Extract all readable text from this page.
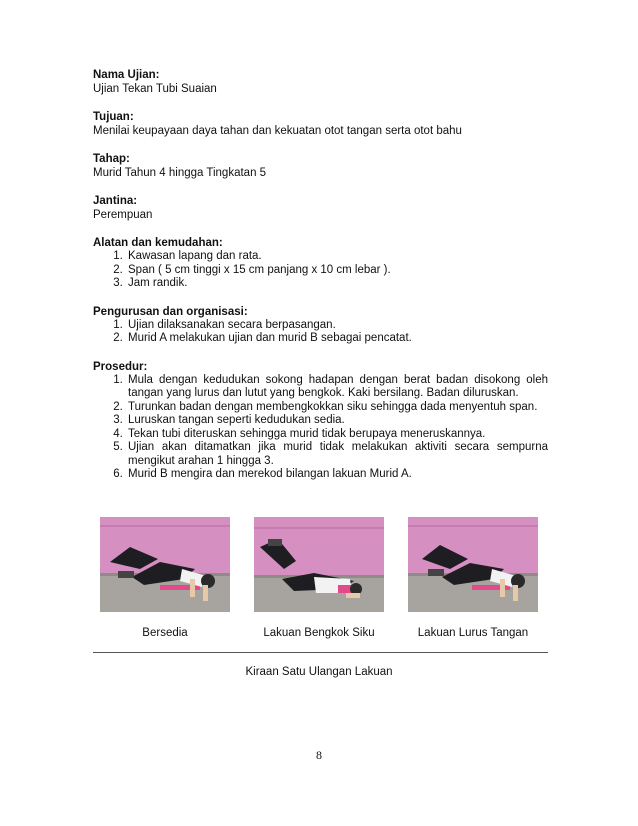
Nama Ujian:
Ujian Tekan Tubi Suaian
Tujuan:
Menilai keupayaan daya tahan dan kekuatan otot tangan serta otot bahu
Tahap:
Murid Tahun 4 hingga Tingkatan 5
Jantina:
Perempuan
Alatan dan kemudahan:
1. Kawasan lapang dan rata.
2. Span ( 5 cm tinggi x 15 cm panjang x 10 cm lebar ).
3. Jam randik.
Pengurusan dan organisasi:
1. Ujian dilaksanakan secara berpasangan.
2. Murid A melakukan ujian dan murid B sebagai pencatat.
Prosedur:
1. Mula dengan kedudukan sokong hadapan dengan berat badan disokong oleh tangan yang lurus dan lutut yang bengkok. Kaki bersilang. Badan diluruskan.
2. Turunkan badan dengan membengkokkan siku sehingga dada menyentuh span.
3. Luruskan tangan seperti kedudukan sedia.
4. Tekan tubi diteruskan sehingga murid tidak berupaya meneruskannya.
5. Ujian akan ditamatkan jika murid tidak melakukan aktiviti secara sempurna mengikut arahan 1 hingga 3.
6. Murid B mengira dan merekod bilangan lakuan Murid A.
Bersedia	Lakuan Bengkok Siku	Lakuan Lurus Tangan
Kiraan Satu Ulangan Lakuan
8
